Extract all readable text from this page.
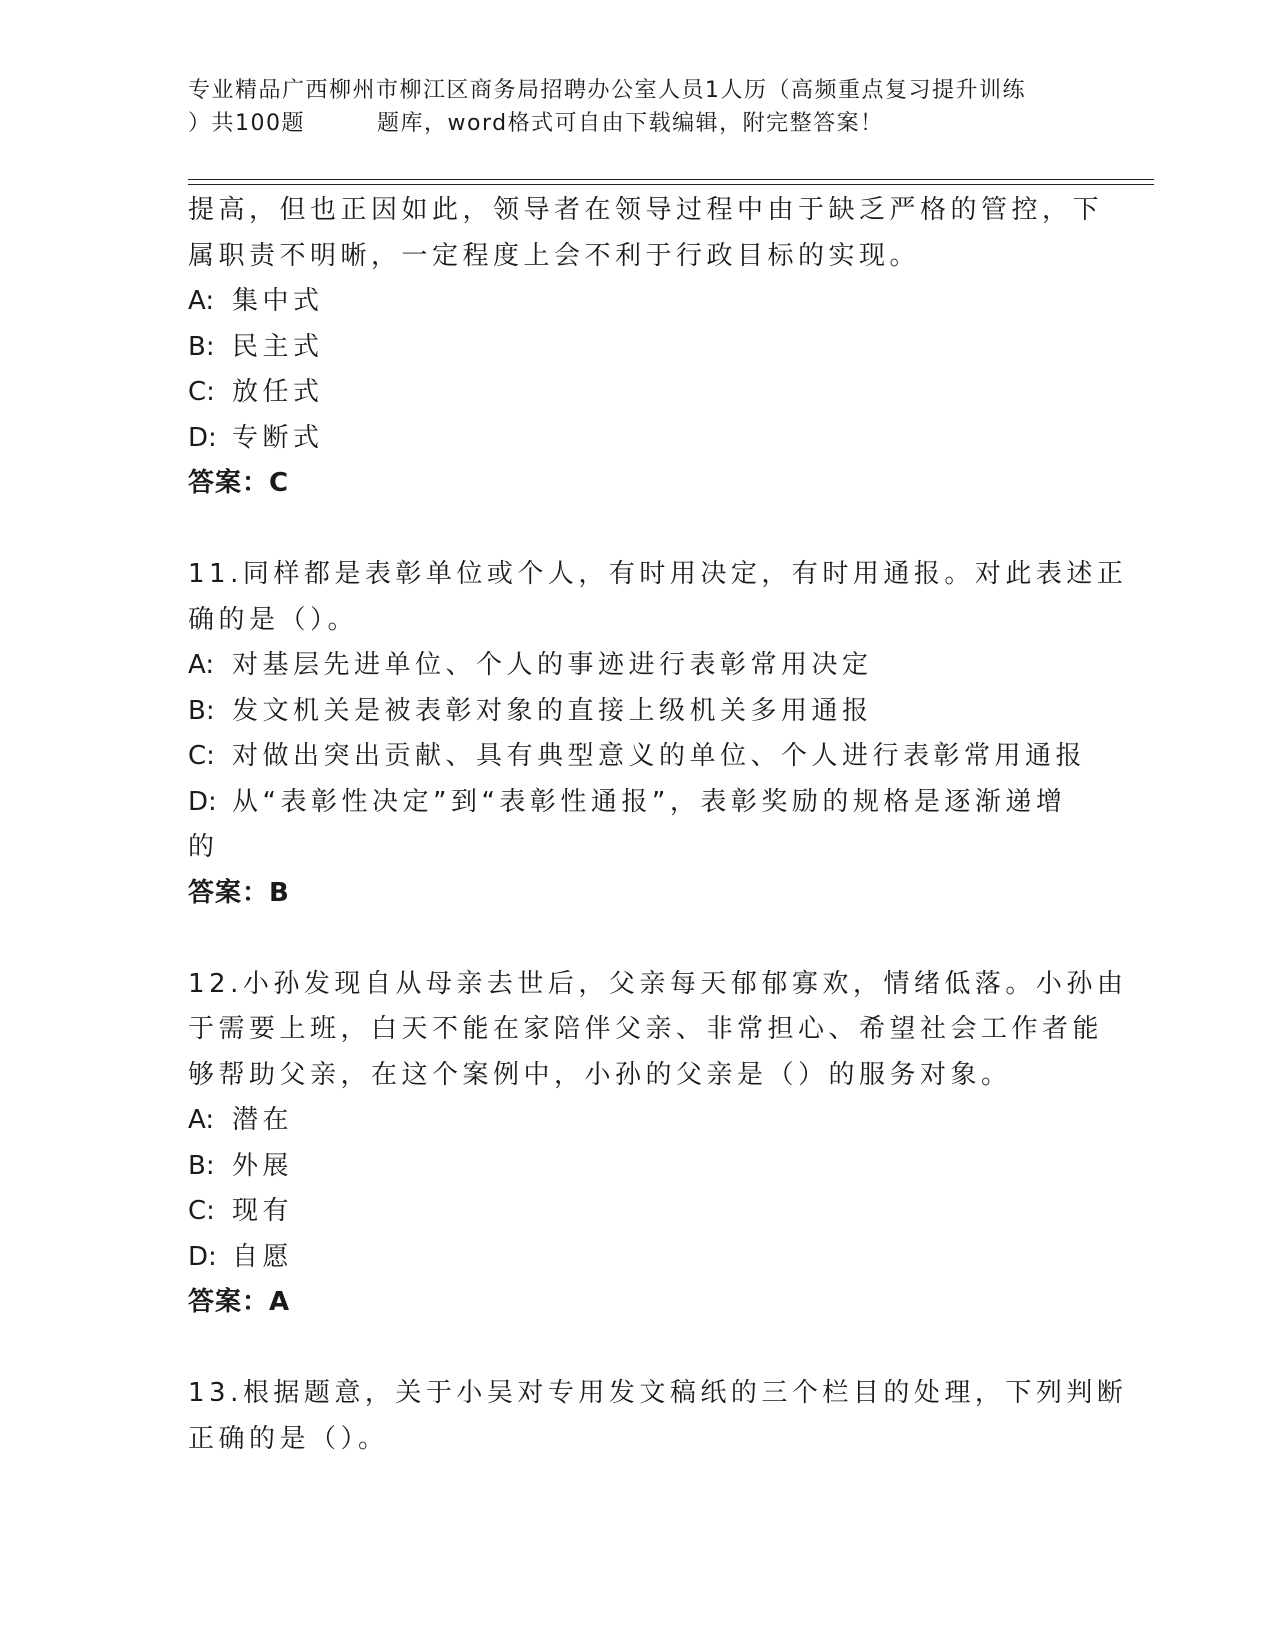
专业精品广西柳州市柳江区商务局招聘办公室人员1人历（高频重点复习提升训练
）共100题	题库，word格式可自由下载编辑，附完整答案！
提高，但也正因如此，领导者在领导过程中由于缺乏严格的管控，下
属职责不明晰，一定程度上会不利于行政目标的实现。
A: 集中式
B: 民主式
C: 放任式
D: 专断式
答案：C
11.同样都是表彰单位或个人，有时用决定，有时用通报。对此表述正
确的是（）。
A: 对基层先进单位、个人的事迹进行表彰常用决定
B: 发文机关是被表彰对象的直接上级机关多用通报
C: 对做出突出贡献、具有典型意义的单位、个人进行表彰常用通报
D: 从“表彰性决定”到“表彰性通报”，表彰奖励的规格是逐渐递增
的
答案：B
12.小孙发现自从母亲去世后，父亲每天郁郁寡欢，情绪低落。小孙由
于需要上班，白天不能在家陪伴父亲、非常担心、希望社会工作者能
够帮助父亲，在这个案例中，小孙的父亲是（）的服务对象。
A: 潜在
B: 外展
C: 现有
D: 自愿
答案：A
13.根据题意，关于小吴对专用发文稿纸的三个栏目的处理，下列判断
正确的是（）。
